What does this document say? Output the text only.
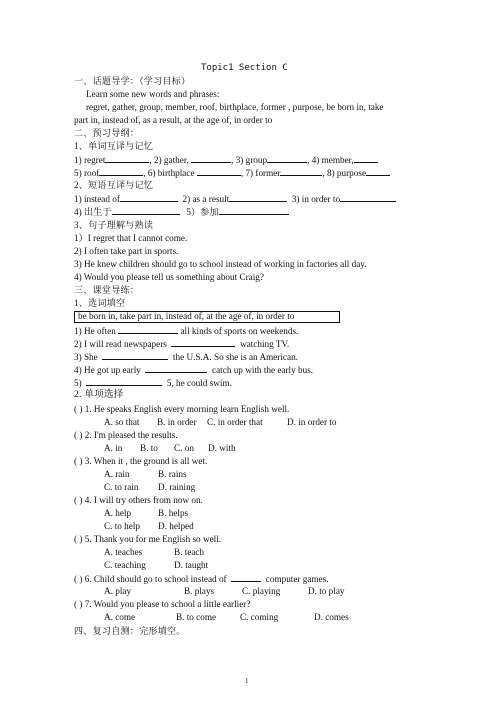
Topic1 Section C
一、话题导学：（学习目标）
Learn some new words and phrases:
regret, gather, group, member, roof, birthplace, former , purpose, be born in, take
part in, instead of, as a result, at the age of, in order to
二、预习导纲：
1、单词互译与记忆
1) regret	, 2) gather,	, 3) group	, 4) member,
5) roof	, 6) birthplace	, 7) former	, 8) purpose
2、短语互译与记忆
1) instead of	2) as a result	3) in order to
4) 出生于	5）参加
3、句子理解与熟读
1）I regret that I cannot come.
2) I often take part in sports.
3) He knew children should go to school instead of working in factories all day.
4) Would you please tell us something about Craig?
三、课堂导练：
1、选词填空
be born in, take part in, instead of, at the age of, in order to
1) He often	all kinds of sports on weekends.
2) I will read newspapers	watching TV.
3) She	the U.S.A. So she is an American.
4) He got up early	catch up with the early bus.
5)	5, he could swim.
2. 单项选择
( ) 1. He speaks English every morning learn English well.
A. so that B. in order C. in order that	D. in order to
( ) 2. I'm pleased the results.
A. in B. to C. on D. with
( ) 3. When it , the ground is all wet.
A. rain	B. rains
C. to rain D. raining
( ) 4. I will try others from now on.
A. help	B. helps
C. to help D. helped
( ) 5. Thank you for me English so well.
A. teaches	B. teach
C. teaching	D. taught
( ) 6. Child should go to school instead of	computer games.
A. play	B. plays	C. playing	D. to play
( ) 7. Would you please to school a little earlier?
A. come	B. to come	C. coming	D. comes
四、复习自测：完形填空。
1
